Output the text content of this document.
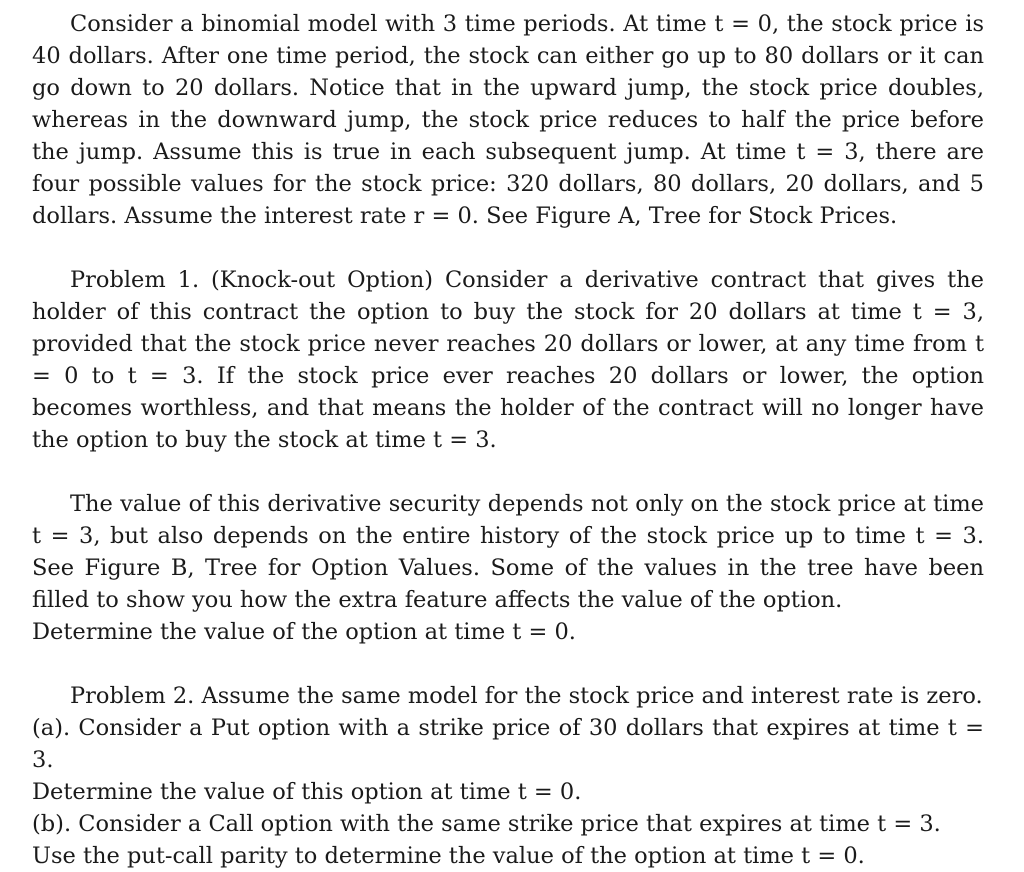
Consider a binomial model with 3 time periods. At time t = 0, the stock price is 40 dollars. After one time period, the stock can either go up to 80 dollars or it can go down to 20 dollars. Notice that in the upward jump, the stock price doubles, whereas in the downward jump, the stock price reduces to half the price before the jump. Assume this is true in each subsequent jump. At time t = 3, there are four possible values for the stock price: 320 dollars, 80 dollars, 20 dollars, and 5 dollars. Assume the interest rate r = 0. See Figure A, Tree for Stock Prices.

Problem 1. (Knock-out Option) Consider a derivative contract that gives the holder of this contract the option to buy the stock for 20 dollars at time t = 3, provided that the stock price never reaches 20 dollars or lower, at any time from t = 0 to t = 3. If the stock price ever reaches 20 dollars or lower, the option becomes worthless, and that means the holder of the contract will no longer have the option to buy the stock at time t = 3.

The value of this derivative security depends not only on the stock price at time t = 3, but also depends on the entire history of the stock price up to time t = 3. See Figure B, Tree for Option Values. Some of the values in the tree have been filled to show you how the extra feature affects the value of the option.

Determine the value of the option at time t = 0.

Problem 2. Assume the same model for the stock price and interest rate is zero.

(a). Consider a Put option with a strike price of 30 dollars that expires at time t = 3.

Determine the value of this option at time t = 0.

(b). Consider a Call option with the same strike price that expires at time t = 3.

Use the put-call parity to determine the value of the option at time t = 0.
